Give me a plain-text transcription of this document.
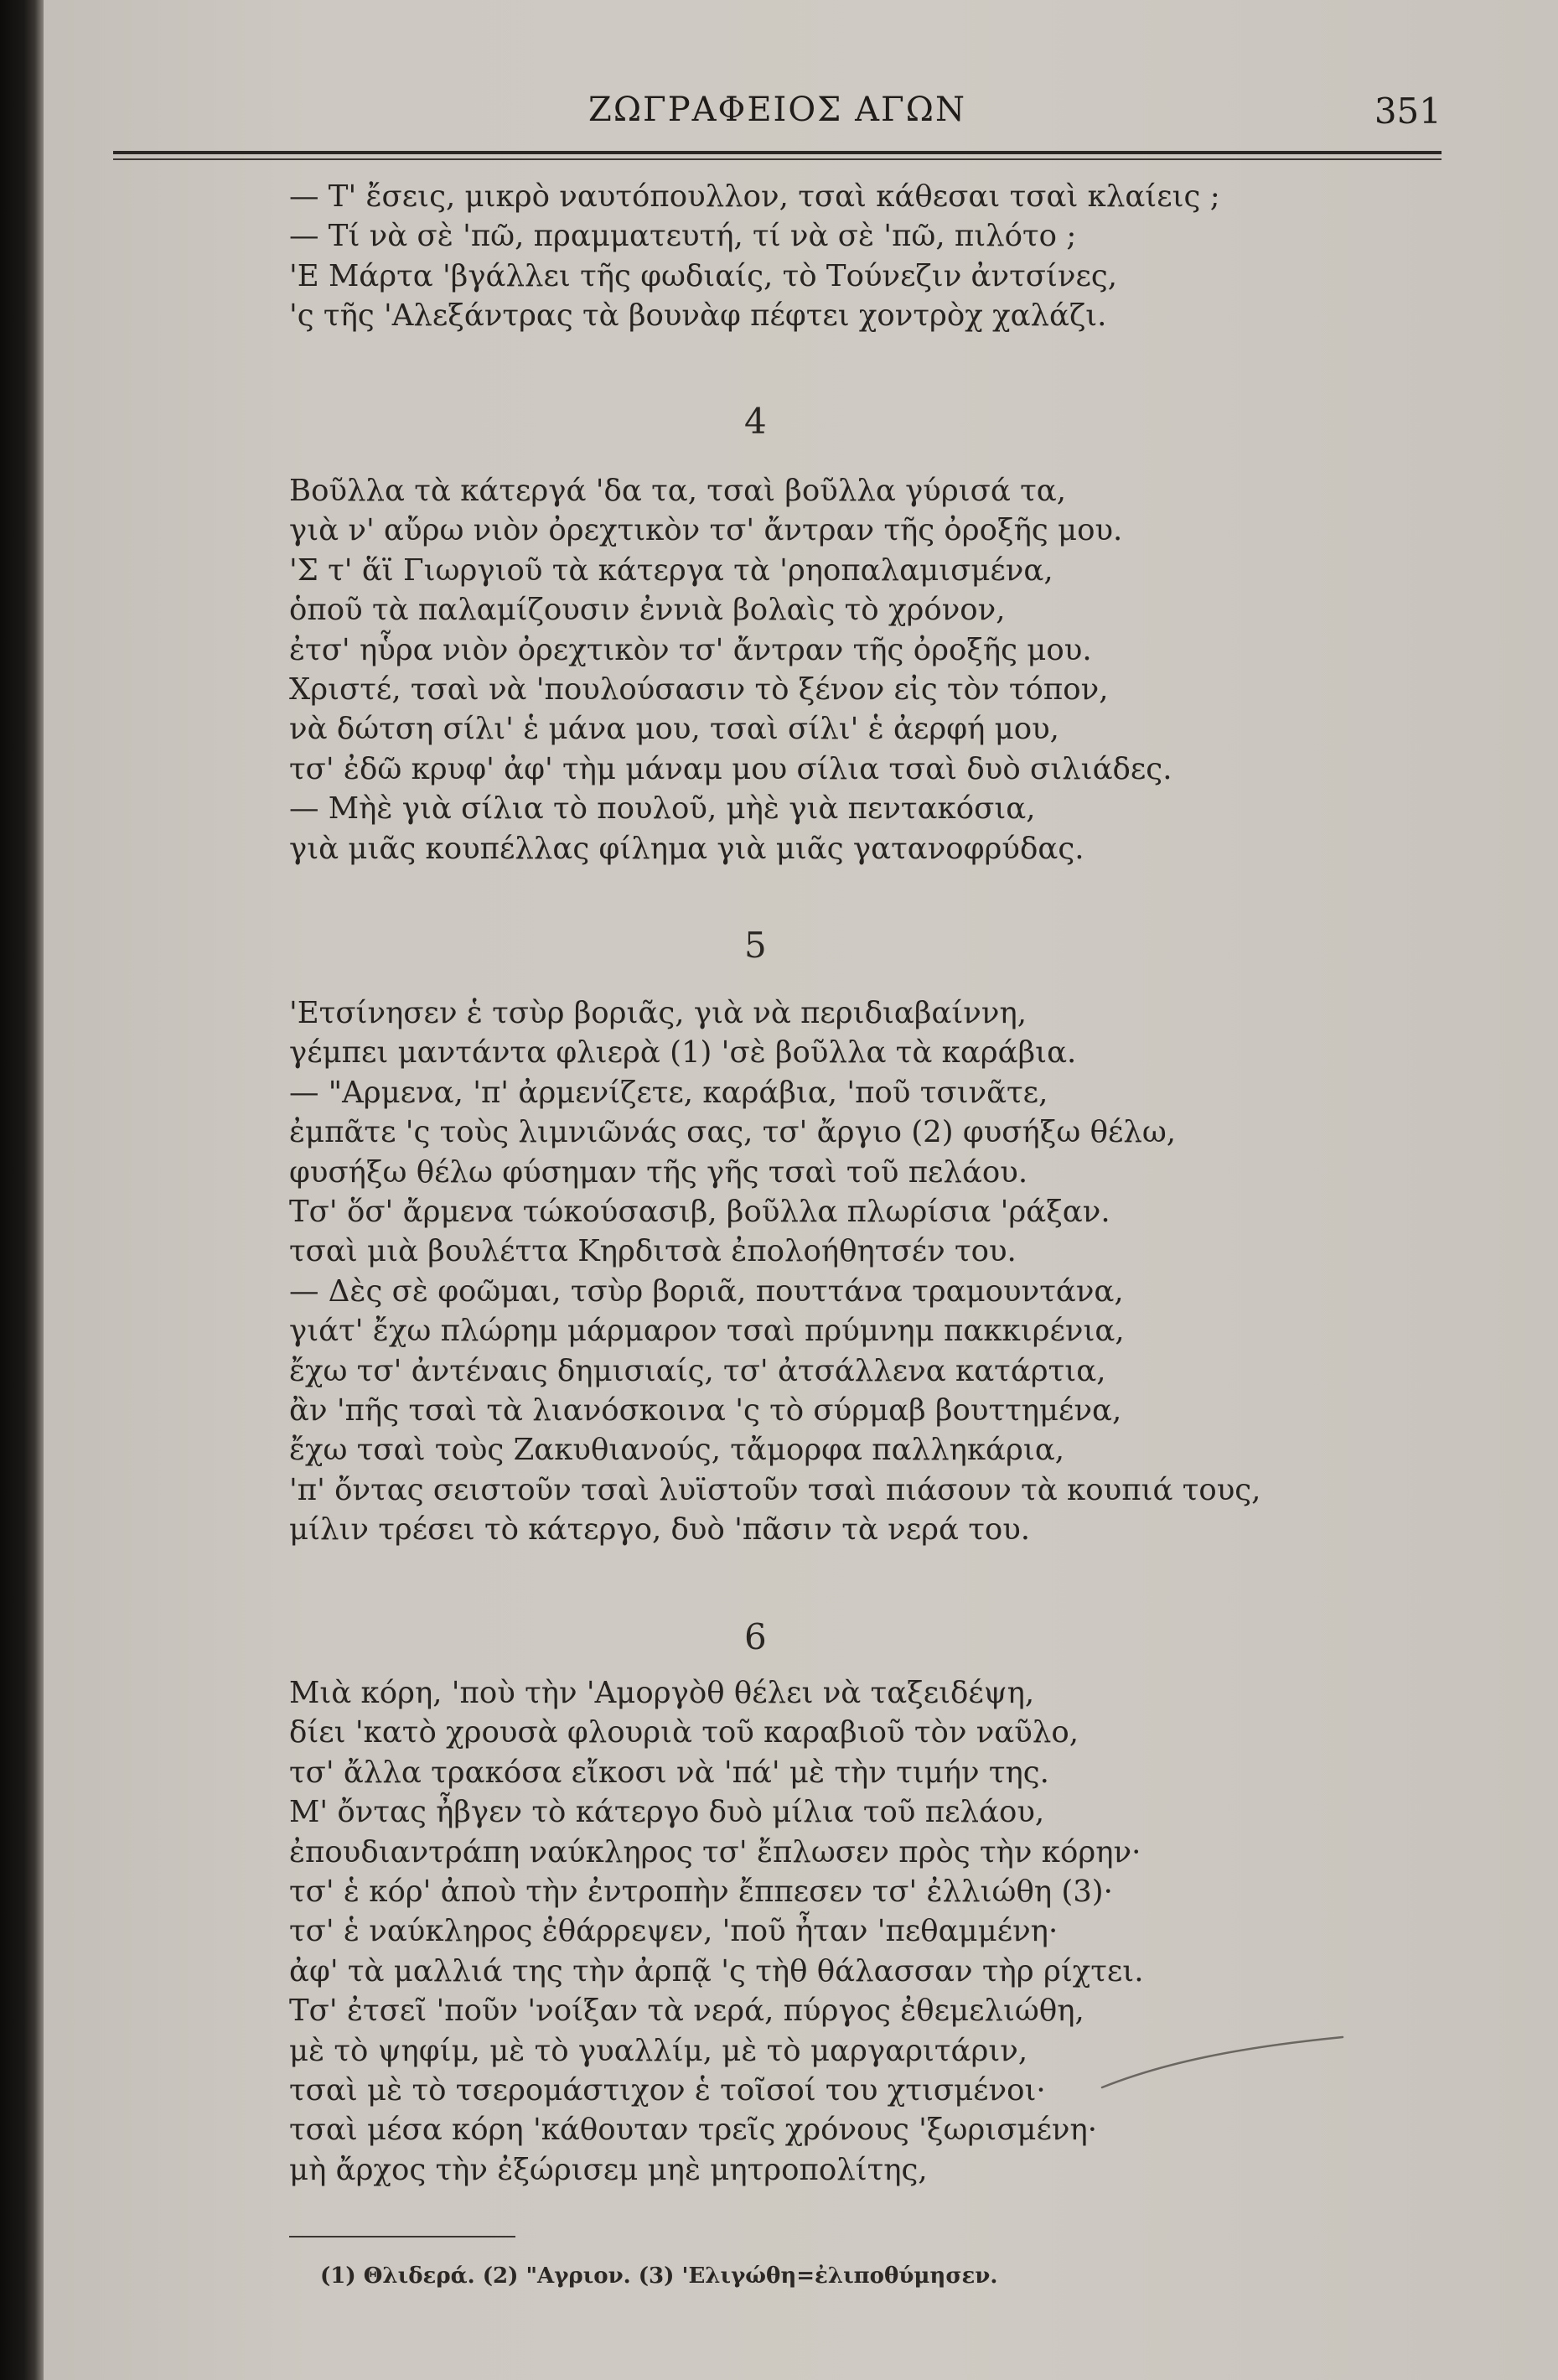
ΖΩΓΡΑΦΕΙΟΣ ΑΓΩΝ	351
— Τ' ἔσεις, μικρὸ ναυτόπουλλον, τσαὶ κάθεσαι τσαὶ κλαίεις ;
— Τί νὰ σὲ 'πῶ, πραμματευτή, τί νὰ σὲ 'πῶ, πιλότο ;
'Ε Μάρτα 'βγάλλει τῆς φωδιαίς, τὸ Τούνεζιν ἀντσίνες,
'ς τῆς 'Αλεξάντρας τὰ βουνὰφ πέφτει χοντρὸχ χαλάζι.
4
Βοῦλλα τὰ κάτεργά 'δα τα, τσαὶ βοῦλλα γύρισά τα,
γιὰ ν' αὔρω νιὸν ὀρεχτικὸν τσ' ἄντραν τῆς ὀροξῆς μου.
'Σ τ' ἅϊ Γιωργιοῦ τὰ κάτεργα τὰ 'ρηοπαλαμισμένα,
ὁποῦ τὰ παλαμίζουσιν ἐννιὰ βολαὶς τὸ χρόνον,
ἐτσ' ηὗρα νιὸν ὀρεχτικὸν τσ' ἄντραν τῆς ὀροξῆς μου.
Χριστέ, τσαὶ νὰ 'πουλούσασιν τὸ ξένον εἰς τὸν τόπον,
νὰ δώτση σίλι' ἑ μάνα μου, τσαὶ σίλι' ἑ ἀερφή μου,
τσ' ἐδῶ κρυφ' ἀφ' τὴμ μάναμ μου σίλια τσαὶ δυὸ σιλιάδες.
— Μὴὲ γιὰ σίλια τὸ πουλοῦ, μὴὲ γιὰ πεντακόσια,
γιὰ μιᾶς κουπέλλας φίλημα γιὰ μιᾶς γατανοφρύδας.
5
'Ετσίνησεν ἑ τσὺρ βοριᾶς, γιὰ νὰ περιδιαβαίννη,
γέμπει μαντάντα φλιερὰ (1) 'σὲ βοῦλλα τὰ καράβια.
— "Αρμενα, 'π' ἀρμενίζετε, καράβια, 'ποῦ τσινᾶτε,
ἐμπᾶτε 'ς τοὺς λιμνιῶνάς σας, τσ' ἄργιο (2) φυσήξω θέλω,
φυσήξω θέλω φύσημαν τῆς γῆς τσαὶ τοῦ πελάου.
Τσ' ὅσ' ἄρμενα τώκούσασιβ, βοῦλλα πλωρίσια 'ράξαν.
τσαὶ μιὰ βουλέττα Κηρδιτσὰ ἐπολοήθητσέν του.
— Δὲς σὲ φοῶμαι, τσὺρ βοριᾶ, πουττάνα τραμουντάνα,
γιάτ' ἔχω πλώρημ μάρμαρον τσαὶ πρύμνημ πακκιρένια,
ἔχω τσ' ἀντέναις δημισιαίς, τσ' ἀτσάλλενα κατάρτια,
ἂν 'πῆς τσαὶ τὰ λιανόσκοινα 'ς τὸ σύρμαβ βουττημένα,
ἔχω τσαὶ τοὺς Ζακυθιανούς, τἄμορφα παλληκάρια,
'π' ὄντας σειστοῦν τσαὶ λυϊστοῦν τσαὶ πιάσουν τὰ κουπιά τους,
μίλιν τρέσει τὸ κάτεργο, δυὸ 'πᾶσιν τὰ νερά του.
6
Μιὰ κόρη, 'ποὺ τὴν 'Αμοργὸθ θέλει νὰ ταξειδέψη,
δίει 'κατὸ χρουσὰ φλουριὰ τοῦ καραβιοῦ τὸν ναῦλο,
τσ' ἄλλα τρακόσα εἴκοσι νὰ 'πά' μὲ τὴν τιμήν της.
Μ' ὄντας ἦβγεν τὸ κάτεργο δυὸ μίλια τοῦ πελάου,
ἐπουδιαντράπη ναύκληρος τσ' ἔπλωσεν πρὸς τὴν κόρην·
τσ' ἑ κόρ' ἀποὺ τὴν ἐντροπὴν ἔππεσεν τσ' ἐλλιώθη (3)·
τσ' ἑ ναύκληρος ἐθάρρεψεν, 'ποῦ ἦταν 'πεθαμμένη·
ἀφ' τὰ μαλλιά της τὴν ἀρπᾷ 'ς τὴθ θάλασσαν τὴρ ρίχτει.
Τσ' ἐτσεῖ 'ποῦν 'νοίξαν τὰ νερά, πύργος ἐθεμελιώθη,
μὲ τὸ ψηφίμ, μὲ τὸ γυαλλίμ, μὲ τὸ μαργαριτάριν,
τσαὶ μὲ τὸ τσερομάστιχον ἑ τοῖσοί του χτισμένοι·
τσαὶ μέσα κόρη 'κάθουταν τρεῖς χρόνους 'ξωρισμένη·
μὴ ἄρχος τὴν ἐξώρισεμ μηὲ μητροπολίτης,
(1) Θλιδερά. (2) "Αγριον. (3) 'Ελιγώθη=ἐλιποθύμησεν.
